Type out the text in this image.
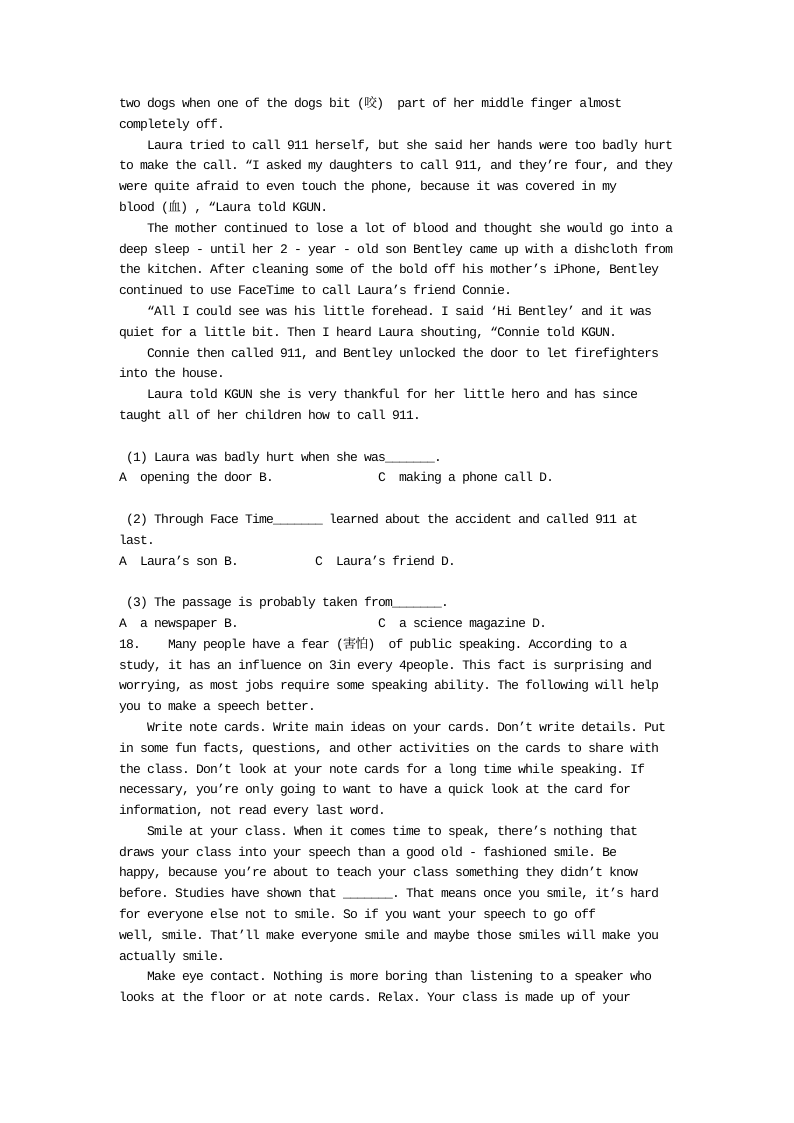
two dogs when one of the dogs bit (咬)  part of her middle finger almost
completely off.
Laura tried to call 911 herself, but she said her hands were too badly hurt
to make the call. “I asked my daughters to call 911, and they’re four, and they
were quite afraid to even touch the phone, because it was covered in my
blood (血) , “Laura told KGUN.
The mother continued to lose a lot of blood and thought she would go into a
deep sleep - until her 2 - year - old son Bentley came up with a dishcloth from
the kitchen. After cleaning some of the bold off his mother’s iPhone, Bentley
continued to use FaceTime to call Laura’s friend Connie.
“All I could see was his little forehead. I said ‘Hi Bentley’ and it was
quiet for a little bit. Then I heard Laura shouting, “Connie told KGUN.
Connie then called 911, and Bentley unlocked the door to let firefighters
into the house.
Laura told KGUN she is very thankful for her little hero and has since
taught all of her children how to call 911.
(1) Laura was badly hurt when she was_______.
A  opening the door B.               C  making a phone call D.
(2) Through Face Time_______ learned about the accident and called 911 at
last.
A  Laura’s son B.           C  Laura’s friend D.
(3) The passage is probably taken from_______.
A  a newspaper B.                    C  a science magazine D.
18.    Many people have a fear (害怕)  of public speaking. According to a
study, it has an influence on 3in every 4people. This fact is surprising and
worrying, as most jobs require some speaking ability. The following will help
you to make a speech better.
Write note cards. Write main ideas on your cards. Don’t write details. Put
in some fun facts, questions, and other activities on the cards to share with
the class. Don’t look at your note cards for a long time while speaking. If
necessary, you’re only going to want to have a quick look at the card for
information, not read every last word.
Smile at your class. When it comes time to speak, there’s nothing that
draws your class into your speech than a good old - fashioned smile. Be
happy, because you’re about to teach your class something they didn’t know
before. Studies have shown that _______. That means once you smile, it’s hard
for everyone else not to smile. So if you want your speech to go off
well, smile. That’ll make everyone smile and maybe those smiles will make you
actually smile.
Make eye contact. Nothing is more boring than listening to a speaker who
looks at the floor or at note cards. Relax. Your class is made up of your
